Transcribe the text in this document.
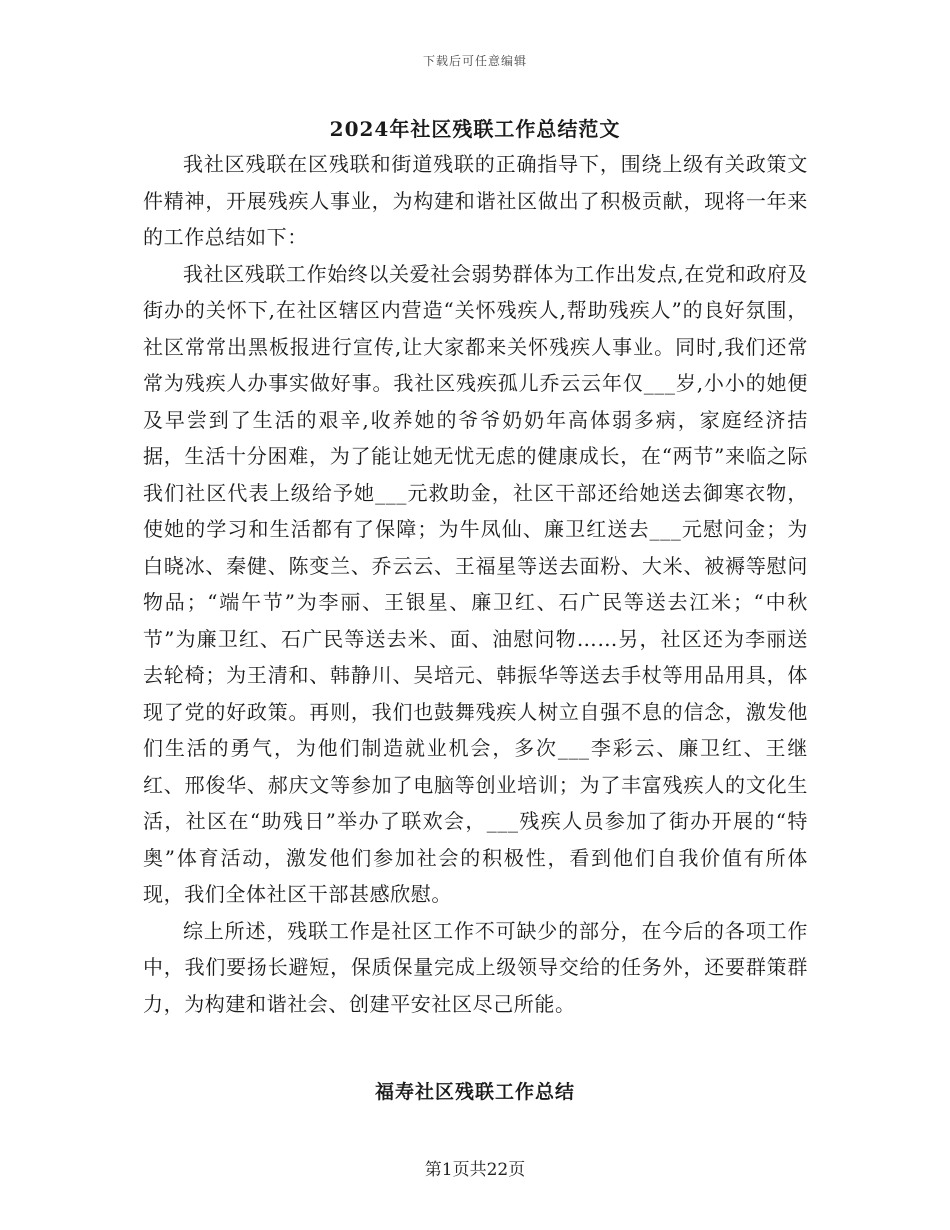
下载后可任意编辑
2024年社区残联工作总结范文

我社区残联在区残联和街道残联的正确指导下，围绕上级有关政策文件精神，开展残疾人事业，为构建和谐社区做出了积极贡献，现将一年来的工作总结如下：

我社区残联工作始终以关爱社会弱势群体为工作出发点,在党和政府及街办的关怀下,在社区辖区内营造“关怀残疾人,帮助残疾人”的良好氛围，社区常常出黑板报进行宣传,让大家都来关怀残疾人事业。同时,我们还常常为残疾人办事实做好事。我社区残疾孤儿乔云云年仅___岁,小小的她便及早尝到了生活的艰辛,收养她的爷爷奶奶年高体弱多病，家庭经济拮据，生活十分困难，为了能让她无忧无虑的健康成长，在“两节”来临之际我们社区代表上级给予她___元救助金，社区干部还给她送去御寒衣物，使她的学习和生活都有了保障；为牛凤仙、廉卫红送去___元慰问金；为白晓冰、秦健、陈变兰、乔云云、王福星等送去面粉、大米、被褥等慰问物品；“端午节”为李丽、王银星、廉卫红、石广民等送去江米；“中秋节”为廉卫红、石广民等送去米、面、油慰问物……另，社区还为李丽送去轮椅；为王清和、韩静川、吴培元、韩振华等送去手杖等用品用具，体现了党的好政策。再则，我们也鼓舞残疾人树立自强不息的信念，激发他们生活的勇气，为他们制造就业机会，多次___李彩云、廉卫红、王继红、邢俊华、郝庆文等参加了电脑等创业培训；为了丰富残疾人的文化生活，社区在“助残日”举办了联欢会，___残疾人员参加了街办开展的“特奥”体育活动，激发他们参加社会的积极性，看到他们自我价值有所体现，我们全体社区干部甚感欣慰。

综上所述，残联工作是社区工作不可缺少的部分，在今后的各项工作中，我们要扬长避短，保质保量完成上级领导交给的任务外，还要群策群力，为构建和谐社会、创建平安社区尽己所能。

福寿社区残联工作总结
第1页共22页
